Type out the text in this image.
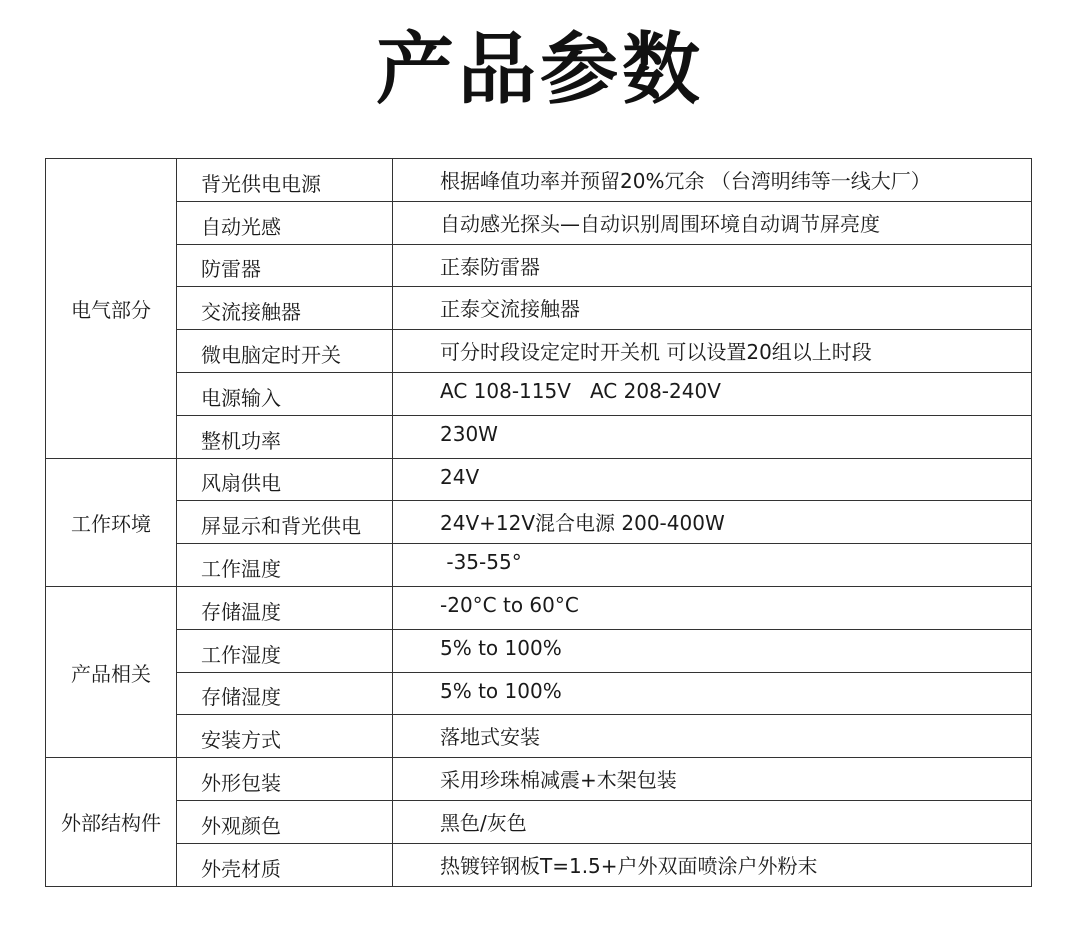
产品参数
电气部分	背光供电电源	根据峰值功率并预留20%冗余 （台湾明纬等一线大厂）

	自动光感	自动感光探头—自动识别周围环境自动调节屏亮度

	防雷器	正泰防雷器

	交流接触器	正泰交流接触器

	微电脑定时开关	可分时段设定定时开关机 可以设置20组以上时段

	电源输入	AC 108-115V   AC 208-240V

	整机功率	230W

工作环境	风扇供电	24V

	屏显示和背光供电	24V+12V混合电源 200-400W

	工作温度	-35-55°

产品相关	存储温度	-20°C to 60°C

	工作湿度	5% to 100%

	存储湿度	5% to 100%

	安装方式	落地式安装

外部结构件	外形包装	采用珍珠棉减震+木架包装

	外观颜色	黑色/灰色

	外壳材质	热镀锌钢板T=1.5+户外双面喷涂户外粉末
